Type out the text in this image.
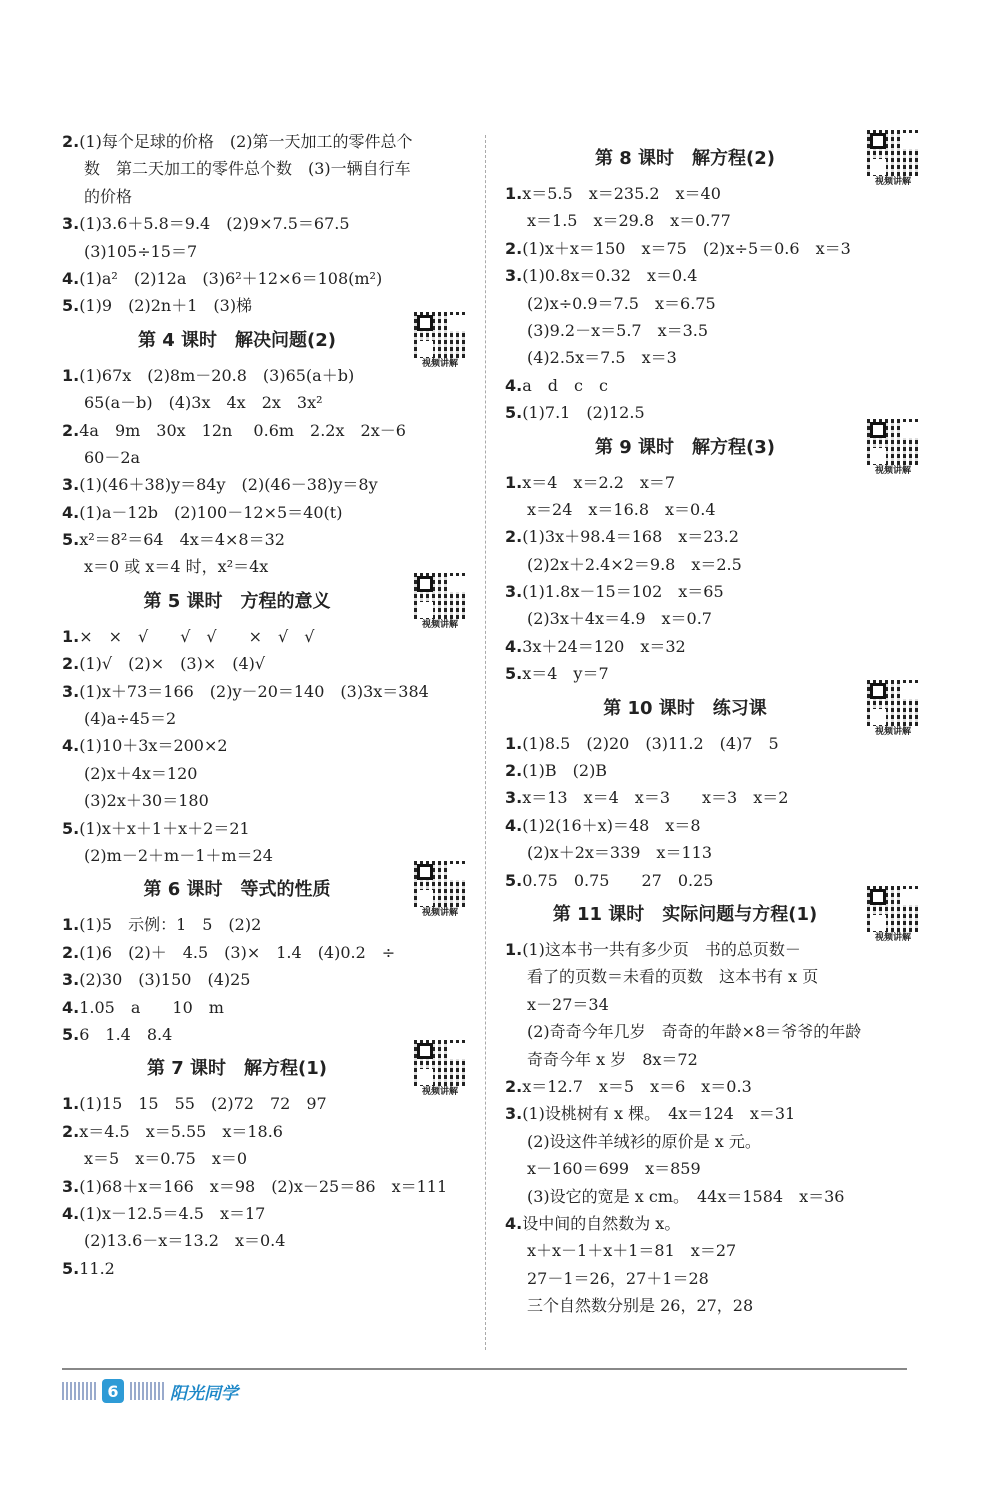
2.(1)每个足球的价格　(2)第一天加工的零件总个
数　第二天加工的零件总个数　(3)一辆自行车
的价格
3.(1)3.6＋5.8＝9.4　(2)9×7.5＝67.5
(3)105÷15＝7
4.(1)a²　(2)12a　(3)6²＋12×6＝108(m²)
5.(1)9　(2)2n＋1　(3)梯
第 4 课时　解决问题(2)
视频讲解
1.(1)67x　(2)8m－20.8　(3)65(a＋b)
65(a－b)　(4)3x　4x　2x　3x²
2.4a　9m　30x　12n　 0.6m　2.2x　2x－6
60－2a
3.(1)(46＋38)y＝84y　(2)(46－38)y＝8y
4.(1)a－12b　(2)100－12×5＝40(t)
5.x²＝8²＝64　4x＝4×8＝32
x＝0 或 x＝4 时，x²＝4x
第 5 课时　方程的意义
视频讲解
1.×　×　√　　√　√　　×　√　√
2.(1)√　(2)×　(3)×　(4)√
3.(1)x＋73＝166　(2)y－20＝140　(3)3x＝384
(4)a÷45＝2
4.(1)10＋3x＝200×2
(2)x＋4x＝120
(3)2x＋30＝180
5.(1)x＋x＋1＋x＋2＝21
(2)m－2＋m－1＋m＝24
第 6 课时　等式的性质
视频讲解
1.(1)5　示例：1　5　(2)2
2.(1)6　(2)＋　4.5　(3)×　1.4　(4)0.2　÷
3.(2)30　(3)150　(4)25
4.1.05　a　　10　m
5.6　1.4　8.4
第 7 课时　解方程(1)
视频讲解
1.(1)15　15　55　(2)72　72　97
2.x＝4.5　x＝5.55　x＝18.6
x＝5　x＝0.75　x＝0
3.(1)68＋x＝166　x＝98　(2)x－25＝86　x＝111
4.(1)x－12.5＝4.5　x＝17
(2)13.6－x＝13.2　x＝0.4
5.11.2
第 8 课时　解方程(2)
视频讲解
1.x＝5.5　x＝235.2　x＝40
x＝1.5　x＝29.8　x＝0.77
2.(1)x＋x＝150　x＝75　(2)x÷5＝0.6　x＝3
3.(1)0.8x＝0.32　x＝0.4
(2)x÷0.9＝7.5　x＝6.75
(3)9.2－x＝5.7　x＝3.5
(4)2.5x＝7.5　x＝3
4.a　d　c　c
5.(1)7.1　(2)12.5
第 9 课时　解方程(3)
视频讲解
1.x＝4　x＝2.2　x＝7
x＝24　x＝16.8　x＝0.4
2.(1)3x＋98.4＝168　x＝23.2
(2)2x＋2.4×2＝9.8　x＝2.5
3.(1)1.8x－15＝102　x＝65
(2)3x＋4x＝4.9　x＝0.7
4.3x＋24＝120　x＝32
5.x＝4　y＝7
第 10 课时　练习课
视频讲解
1.(1)8.5　(2)20　(3)11.2　(4)7　5
2.(1)B　(2)B
3.x＝13　x＝4　x＝3　　x＝3　x＝2
4.(1)2(16＋x)＝48　x＝8
(2)x＋2x＝339　x＝113
5.0.75　0.75　　27　0.25
第 11 课时　实际问题与方程(1)
视频讲解
1.(1)这本书一共有多少页　书的总页数－
看了的页数＝未看的页数　这本书有 x 页
x－27＝34
(2)奇奇今年几岁　奇奇的年龄×8＝爷爷的年龄
奇奇今年 x 岁　8x＝72
2.x＝12.7　x＝5　x＝6　x＝0.3
3.(1)设桃树有 x 棵。　4x＝124　x＝31
(2)设这件羊绒衫的原价是 x 元。
x－160＝699　x＝859
(3)设它的宽是 x cm。　44x＝1584　x＝36
4.设中间的自然数为 x。
x＋x－1＋x＋1＝81　x＝27
27－1＝26，27＋1＝28
三个自然数分别是 26，27，28
6	阳光同学
